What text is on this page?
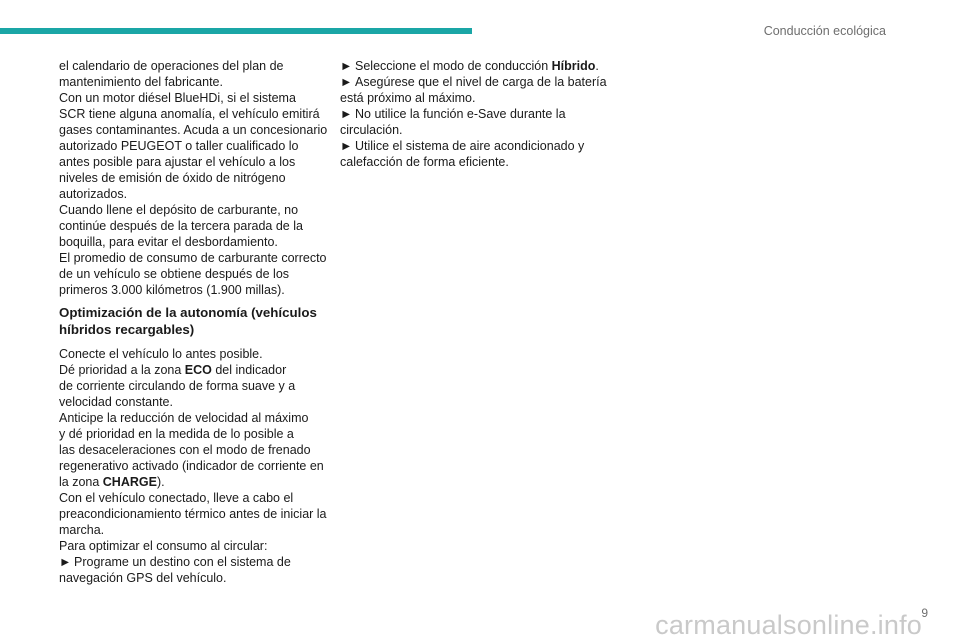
Conducción ecológica
el calendario de operaciones del plan de
mantenimiento del fabricante.
Con un motor diésel BlueHDi, si el sistema
SCR tiene alguna anomalía, el vehículo emitirá
gases contaminantes. Acuda a un concesionario
autorizado PEUGEOT o taller cualificado lo
antes posible para ajustar el vehículo a los
niveles de emisión de óxido de nitrógeno
autorizados.
Cuando llene el depósito de carburante, no
continúe después de la tercera parada de la
boquilla, para evitar el desbordamiento.
El promedio de consumo de carburante correcto
de un vehículo se obtiene después de los
primeros 3.000 kilómetros (1.900 millas).
Optimización de la autonomía (vehículos
híbridos recargables)
Conecte el vehículo lo antes posible.
Dé prioridad a la zona ECO del indicador
de corriente circulando de forma suave y a
velocidad constante.
Anticipe la reducción de velocidad al máximo
y dé prioridad en la medida de lo posible a
las desaceleraciones con el modo de frenado
regenerativo activado (indicador de corriente en
la zona CHARGE).
Con el vehículo conectado, lleve a cabo el
preacondicionamiento térmico antes de iniciar la
marcha.
Para optimizar el consumo al circular:
► Programe un destino con el sistema de
navegación GPS del vehículo.
► Seleccione el modo de conducción Híbrido.
► Asegúrese que el nivel de carga de la batería
está próximo al máximo.
► No utilice la función e-Save durante la
circulación.
► Utilice el sistema de aire acondicionado y
calefacción de forma eficiente.
9
carmanualsonline.info
